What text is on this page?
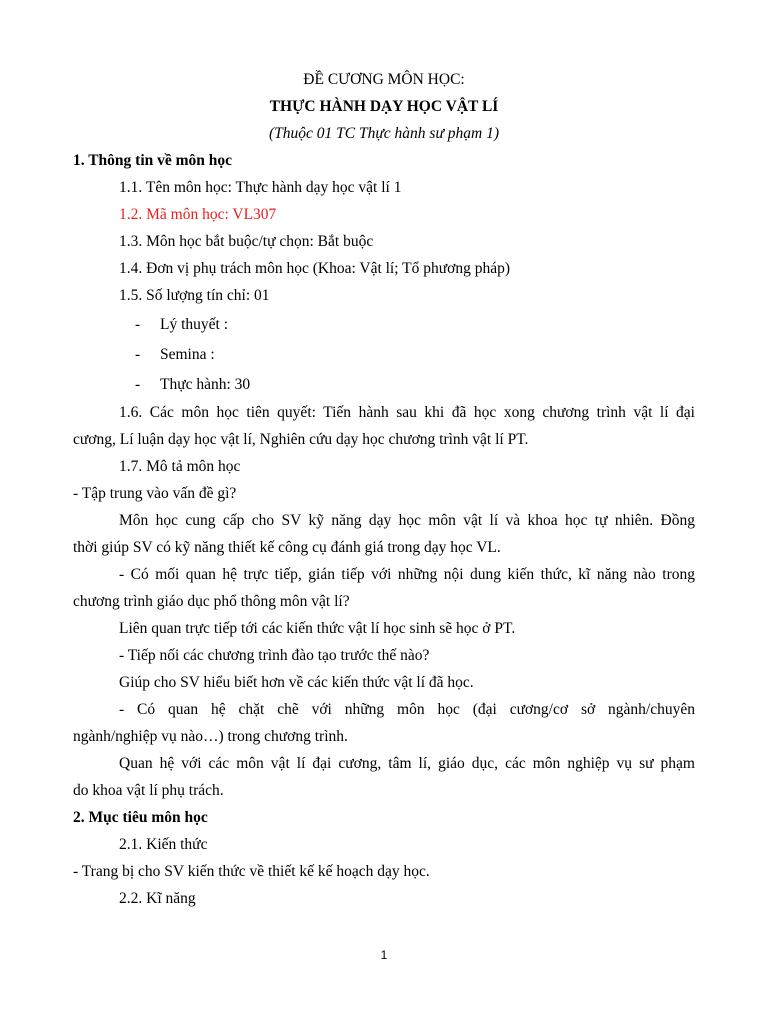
ĐỀ CƯƠNG MÔN HỌC:
THỰC HÀNH DẠY HỌC VẬT LÍ
(Thuộc 01 TC Thực hành sư phạm 1)
1. Thông tin về môn học
1.1. Tên môn học: Thực hành dạy học vật lí 1
1.2. Mã môn học: VL307
1.3. Môn học bắt buộc/tự chọn: Bắt buộc
1.4. Đơn vị phụ trách môn học (Khoa: Vật lí; Tổ phương pháp)
1.5. Số lượng tín chỉ: 01
- Lý thuyết :
- Semina :
- Thực hành: 30

1.6. Các môn học tiên quyết: Tiến hành sau khi đã học xong chương trình vật lí đại
cương, Lí luận dạy học vật lí, Nghiên cứu dạy học chương trình vật lí PT.

1.7. Mô tả môn học
- Tập trung vào vấn đề gì?

Môn học cung cấp cho SV kỹ năng dạy học môn vật lí và khoa học tự nhiên. Đồng
thời giúp SV có kỹ năng thiết kế công cụ đánh giá trong dạy học VL.

- Có mối quan hệ trực tiếp, gián tiếp với những nội dung kiến thức, kĩ năng nào trong
chương trình giáo dục phổ thông môn vật lí?

Liên quan trực tiếp tới các kiến thức vật lí học sinh sẽ học ở PT.
- Tiếp nối các chương trình đào tạo trước thế nào?
Giúp cho SV hiểu biết hơn về các kiến thức vật lí đã học.

- Có quan hệ chặt chẽ với những môn học (đại cương/cơ sở ngành/chuyên
ngành/nghiệp vụ nào…) trong chương trình.

Quan hệ với các môn vật lí đại cương, tâm lí, giáo dục, các môn nghiệp vụ sư phạm
do khoa vật lí phụ trách.

2. Mục tiêu môn học
2.1. Kiến thức
- Trang bị cho SV kiến thức về thiết kế kế hoạch dạy học.
2.2. Kĩ năng
1
